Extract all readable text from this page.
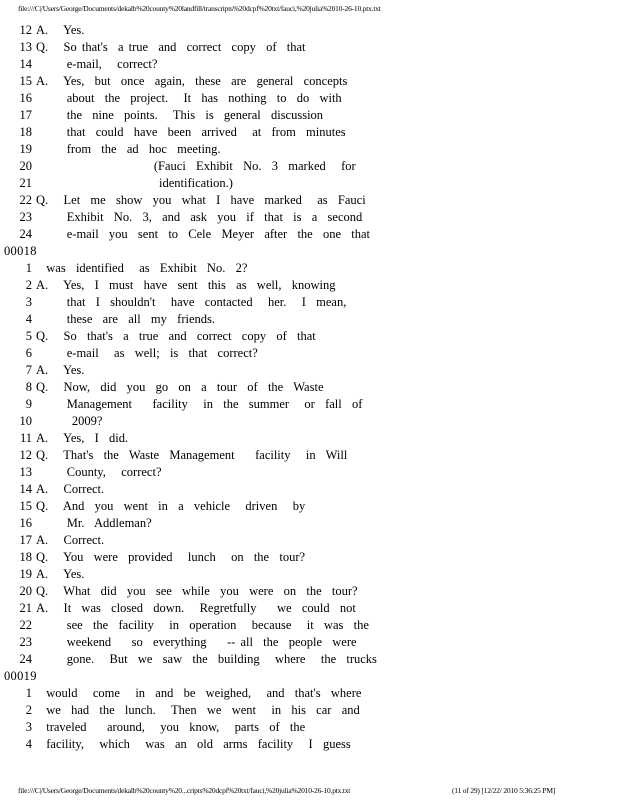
file:///C|/Users/George/Documents/dekalb%20county%20landfill/transcripts%20dcpf%20txt/fauci,%20julia%2010-26-10.ptx.txt
12 A.   Yes.
13 Q.   So that's  a true  and  correct  copy  of  that
14 e-mail,   correct?
15 A.   Yes,  but  once  again,  these  are  general  concepts
16 about  the  project.   It  has  nothing  to  do  with
17 the  nine  points.   This  is  general  discussion
18 that  could  have  been  arrived   at  from  minutes
19 from  the  ad  hoc  meeting.
20 (Fauci  Exhibit  No.  3  marked   for
21 identification.)
22 Q.   Let  me  show  you  what  I  have  marked   as  Fauci
23 Exhibit  No.  3,  and  ask  you  if  that  is  a  second
24 e-mail  you  sent  to  Cele  Meyer  after  the  one  that
00018
1 was  identified   as  Exhibit  No.  2?
2 A.   Yes,  I  must  have  sent  this  as  well,  knowing
3 that  I  shouldn't   have  contacted   her.   I  mean,
4 these  are  all  my  friends.
5 Q.   So  that's  a  true  and  correct  copy  of  that
6 e-mail   as  well;  is  that  correct?
7 A.   Yes.
8 Q.   Now,  did  you  go  on  a  tour  of  the  Waste
9 Management    facility   in  the  summer   or  fall  of
10 2009?
11 A.   Yes,  I  did.
12 Q.   That's  the  Waste  Management    facility   in  Will
13 County,   correct?
14 A.   Correct.
15 Q.   And  you  went  in  a  vehicle   driven   by
16 Mr.  Addleman?
17 A.   Correct.
18 Q.   You  were  provided   lunch   on  the  tour?
19 A.   Yes.
20 Q.   What  did  you  see  while  you  were  on  the  tour?
21 A.   It  was  closed  down.   Regretfully    we  could  not
22 see  the  facility   in  operation   because   it  was  the
23 weekend    so  everything    -- all  the  people  were
24 gone.   But  we  saw  the  building   where   the  trucks
00019
1 would   come   in  and  be  weighed,   and  that's  where
2 we  had  the  lunch.   Then  we  went   in  his  car  and
3 traveled    around,   you  know,   parts  of  the
4 facility,   which   was  an  old  arms  facility   I  guess
file:///C|/Users/George/Documents/dekalb%20county%20...cripts%20dcpf%20txt/fauci,%20julia%2010-26-10.ptx.txt	(11 of 29) [12/22/ 2010 5:36:25 PM]
